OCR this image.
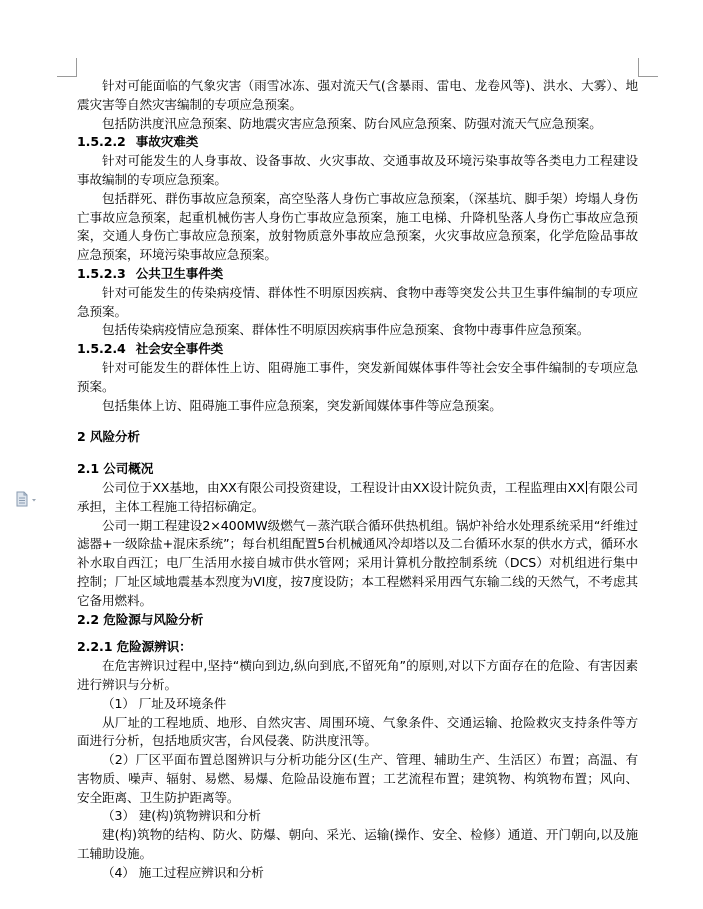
针对可能面临的气象灾害（雨雪冰冻、强对流天气(含暴雨、雷电、龙卷风等)、洪水、大雾）、地震灾害等自然灾害编制的专项应急预案。

包括防洪度汛应急预案、防地震灾害应急预案、防台风应急预案、防强对流天气应急预案。

1.5.2.2 事故灾难类

针对可能发生的人身事故、设备事故、火灾事故、交通事故及环境污染事故等各类电力工程建设事故编制的专项应急预案。

包括群死、群伤事故应急预案，高空坠落人身伤亡事故应急预案，（深基坑、脚手架）垮塌人身伤亡事故应急预案，起重机械伤害人身伤亡事故应急预案，施工电梯、升降机坠落人身伤亡事故应急预案，交通人身伤亡事故应急预案，放射物质意外事故应急预案，火灾事故应急预案，化学危险品事故应急预案，环境污染事故应急预案。

1.5.2.3 公共卫生事件类

针对可能发生的传染病疫情、群体性不明原因疾病、食物中毒等突发公共卫生事件编制的专项应急预案。

包括传染病疫情应急预案、群体性不明原因疾病事件应急预案、食物中毒事件应急预案。

1.5.2.4 社会安全事件类

针对可能发生的群体性上访、阻碍施工事件，突发新闻媒体事件等社会安全事件编制的专项应急预案。

包括集体上访、阻碍施工事件应急预案，突发新闻媒体事件等应急预案。

2 风险分析

2.1 公司概况

公司位于XX基地，由XX有限公司投资建设，工程设计由XX设计院负责，工程监理由XX 有限公司承担，主体工程施工待招标确定。

公司一期工程建设2×400MW级燃气－蒸汽联合循环供热机组。锅炉补给水处理系统采用“纤维过滤器+一级除盐+混床系统”；每台机组配置5台机械通风冷却塔以及二台循环水泵的供水方式，循环水补水取自西江；电厂生活用水接自城市供水管网；采用计算机分散控制系统（DCS）对机组进行集中控制；厂址区域地震基本烈度为VI度，按7度设防；本工程燃料采用西气东输二线的天然气，不考虑其它备用燃料。

2.2 危险源与风险分析

2.2.1 危险源辨识：

在危害辨识过程中,坚持“横向到边,纵向到底,不留死角”的原则,对以下方面存在的危险、有害因素进行辨识与分析。

（1） 厂址及环境条件

从厂址的工程地质、地形、自然灾害、周围环境、气象条件、交通运输、抢险救灾支持条件等方面进行分析，包括地质灾害，台风侵袭、防洪度汛等。

（2）厂区平面布置总图辨识与分析功能分区(生产、管理、辅助生产、生活区）布置；高温、有害物质、噪声、辐射、易燃、易爆、危险品设施布置；工艺流程布置；建筑物、构筑物布置；风向、安全距离、卫生防护距离等。

（3） 建(构)筑物辨识和分析

建(构)筑物的结构、防火、防爆、朝向、采光、运输(操作、安全、检修）通道、开门朝向,以及施工辅助设施。

（4） 施工过程应辨识和分析
